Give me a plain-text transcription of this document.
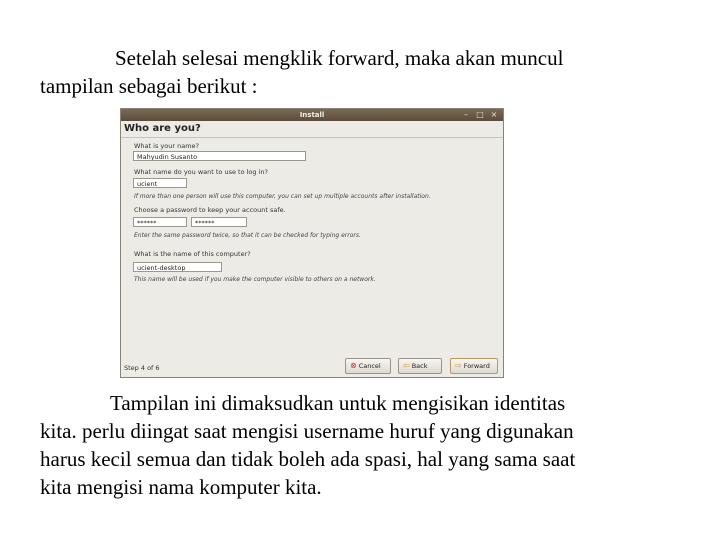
Setelah selesai mengklik forward, maka akan muncul
tampilan sebagai berikut :

Install	–	□ ×
Who are you?
What is your name?
Mahyudin Susanto
What name do you want to use to log in?
ucient
If more than one person will use this computer, you can set up multiple accounts after installation.
Choose a password to keep your account safe.
******	******
Enter the same password twice, so that it can be checked for typing errors.
What is the name of this computer?
ucient-desktop
This name will be used if you make the computer visible to others on a network.
Step 4 of 6	⊗ Cancel	⇦ Back	⇨ Forward

Tampilan ini dimaksudkan untuk mengisikan identitas
kita. perlu diingat saat mengisi username huruf yang digunakan
harus kecil semua dan tidak boleh ada spasi, hal yang sama saat
kita mengisi nama komputer kita.
